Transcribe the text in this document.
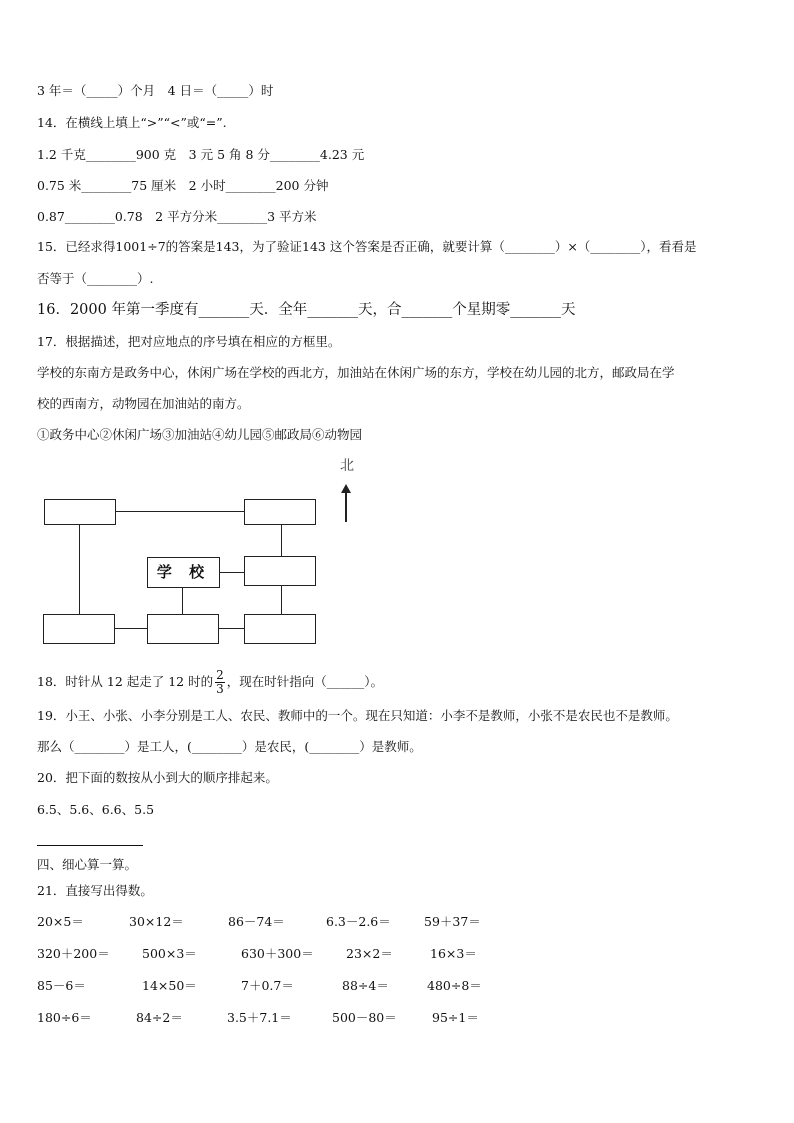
3 年＝（_____）个月　4 日＝（_____）时
14．在横线上填上“>”“<”或“=”.
1.2 千克________900 克　3 元 5 角 8 分________4.23 元
0.75 米________75 厘米　2 小时________200 分钟
0.87________0.78　2 平方分米________3 平方米
15．已经求得1001÷7的答案是143，为了验证143 这个答案是否正确，就要计算（________）×（________），看看是
否等于（________）.
16．2000 年第一季度有_______天．全年_______天，合_______个星期零_______天
17．根据描述，把对应地点的序号填在相应的方框里。
学校的东南方是政务中心，休闲广场在学校的西北方，加油站在休闲广场的东方，学校在幼儿园的北方，邮政局在学
校的西南方，动物园在加油站的南方。
①政务中心②休闲广场③加油站④幼儿园⑤邮政局⑥动物园
北
学 校
18．时针从 12 起走了 12 时的 $\frac{2}{3}$ ，现在时针指向（______）。
19．小王、小张、小李分别是工人、农民、教师中的一个。现在只知道：小李不是教师，小张不是农民也不是教师。
那么（________）是工人，(________）是农民，(________）是教师。
20．把下面的数按从小到大的顺序排起来。
6.5、5.6、6.6、5.5
四、细心算一算。
21．直接写出得数。
20×5＝	30×12＝	86－74＝	6.3－2.6＝	59＋37＝
320＋200＝	500×3＝	630＋300＝	23×2＝	16×3＝
85－6＝	14×50＝	7＋0.7＝	88÷4＝	480÷8＝
180÷6＝	84÷2＝	3.5＋7.1＝	500－80＝	95÷1＝
